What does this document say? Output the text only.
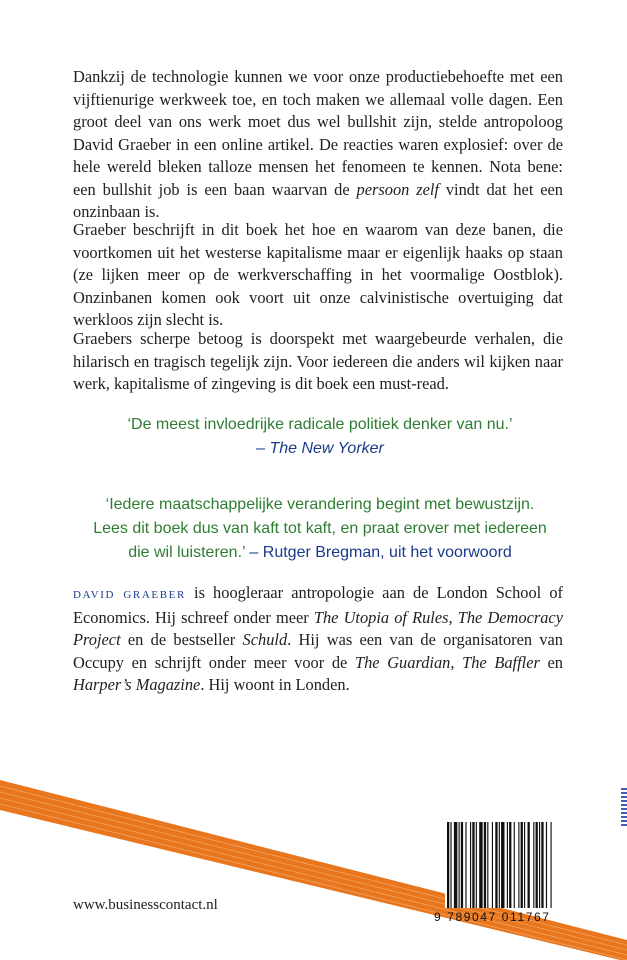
Dankzij de technologie kunnen we voor onze productiebehoefte met een vijftienurige werkweek toe, en toch maken we allemaal volle dagen. Een groot deel van ons werk moet dus wel bullshit zijn, stelde antropoloog David Graeber in een online artikel. De reacties waren explosief: over de hele wereld bleken talloze mensen het fenomeen te kennen. Nota bene: een bullshit job is een baan waarvan de persoon zelf vindt dat het een onzinbaan is.

Graeber beschrijft in dit boek het hoe en waarom van deze banen, die voortkomen uit het westerse kapitalisme maar er eigenlijk haaks op staan (ze lijken meer op de werkverschaffing in het voormalige Oostblok). Onzinbanen komen ook voort uit onze calvinistische overtuiging dat werkloos zijn slecht is.

Graebers scherpe betoog is doorspekt met waargebeurde verhalen, die hilarisch en tragisch tegelijk zijn. Voor iedereen die anders wil kijken naar werk, kapitalisme of zingeving is dit boek een must-read.

‘De meest invloedrijke radicale politiek denker van nu.’
– The New Yorker
‘Iedere maatschappelijke verandering begint met bewustzijn.
Lees dit boek dus van kaft tot kaft, en praat erover met iedereen
die wil luisteren.’ – Rutger Bregman, uit het voorwoord

DAVID GRAEBER is hoogleraar antropologie aan de London School of Economics. Hij schreef onder meer The Utopia of Rules, The Democracy Project en de bestseller Schuld. Hij was een van de organisatoren van Occupy en schrijft onder meer voor de The Guardian, The Baffler en Harper’s Magazine. Hij woont in Londen.

www.businesscontact.nl
9 789047 011767
